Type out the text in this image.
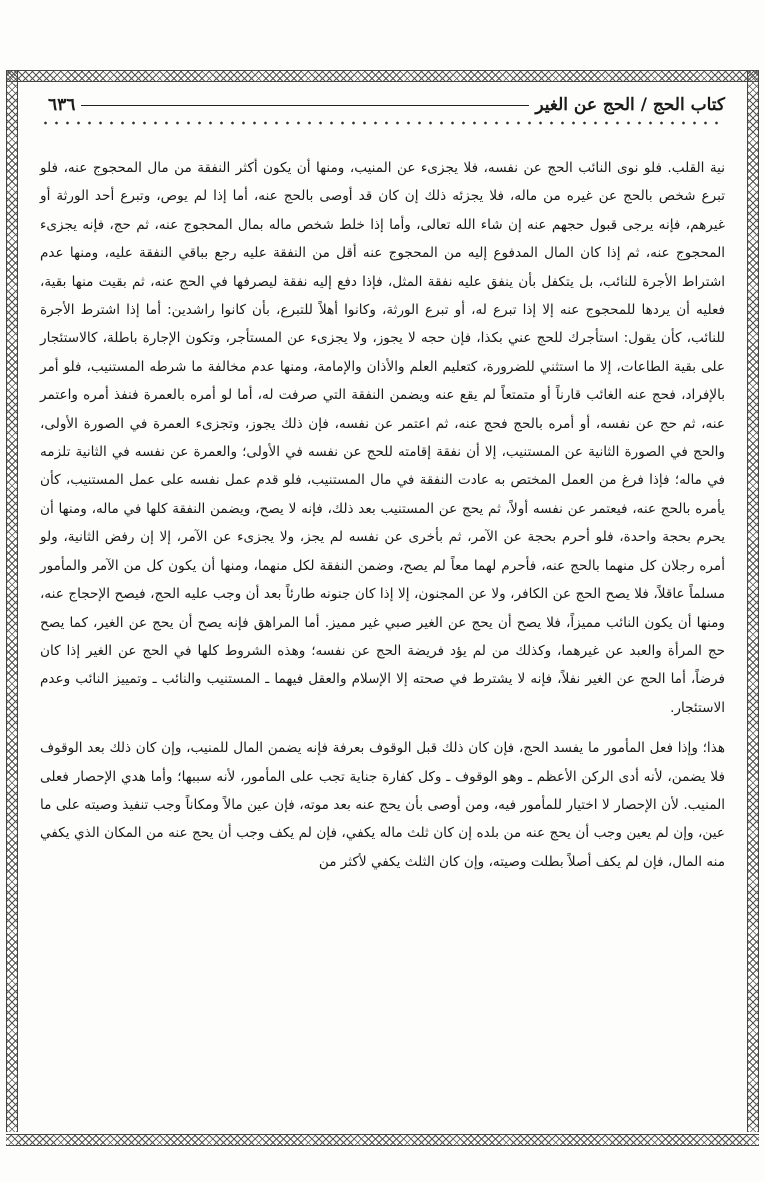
كتاب الحج / الحج عن الغير
٦٣٦

نية القلب. فلو نوى النائب الحج عن نفسه، فلا يجزىء عن المنيب، ومنها أن يكون أكثر النفقة من مال المحجوج عنه، فلو تبرع شخص بالحج عن غيره من ماله، فلا يجزئه ذلك إن كان قد أوصى بالحج عنه، أما إذا لم يوص، وتبرع أحد الورثة أو غيرهم، فإنه يرجى قبول حجهم عنه إن شاء الله تعالى، وأما إذا خلط شخص ماله بمال المحجوج عنه، ثم حج، فإنه يجزىء المحجوج عنه، ثم إذا كان المال المدفوع إليه من المحجوج عنه أقل من النفقة عليه رجع بباقي النفقة عليه، ومنها عدم اشتراط الأجرة للنائب، بل يتكفل بأن ينفق عليه نفقة المثل، فإذا دفع إليه نفقة ليصرفها في الحج عنه، ثم بقيت منها بقية، فعليه أن يردها للمحجوج عنه إلا إذا تبرع له، أو تبرع الورثة، وكانوا أهلاً للتبرع، بأن كانوا راشدين: أما إذا اشترط الأجرة للنائب، كأن يقول: استأجرك للحج عني بكذا، فإن حجه لا يجوز، ولا يجزىء عن المستأجر، وتكون الإجارة باطلة، كالاستئجار على بقية الطاعات، إلا ما استثني للضرورة، كتعليم العلم والأذان والإمامة، ومنها عدم مخالفة ما شرطه المستنيب، فلو أمر بالإفراد، فحج عنه الغائب قارناً أو متمتعاً لم يقع عنه ويضمن النفقة التي صرفت له، أما لو أمره بالعمرة فنفذ أمره واعتمر عنه، ثم حج عن نفسه، أو أمره بالحج فحج عنه، ثم اعتمر عن نفسه، فإن ذلك يجوز، وتجزىء العمرة في الصورة الأولى، والحج في الصورة الثانية عن المستنيب، إلا أن نفقة إقامته للحج عن نفسه في الأولى؛ والعمرة عن نفسه في الثانية تلزمه في ماله؛ فإذا فرغ من العمل المختص به عادت النفقة في مال المستنيب، فلو قدم عمل نفسه على عمل المستنيب، كأن يأمره بالحج عنه، فيعتمر عن نفسه أولاً، ثم يحج عن المستنيب بعد ذلك، فإنه لا يصح، ويضمن النفقة كلها في ماله، ومنها أن يحرم بحجة واحدة، فلو أحرم بحجة عن الآمر، ثم بأخرى عن نفسه لم يجز، ولا يجزىء عن الآمر، إلا إن رفض الثانية، ولو أمره رجلان كل منهما بالحج عنه، فأحرم لهما معاً لم يصح، وضمن النفقة لكل منهما، ومنها أن يكون كل من الآمر والمأمور مسلماً عاقلاً، فلا يصح الحج عن الكافر، ولا عن المجنون، إلا إذا كان جنونه طارئاً بعد أن وجب عليه الحج، فيصح الإحجاج عنه، ومنها أن يكون النائب مميزاً، فلا يصح أن يحج عن الغير صبي غير مميز. أما المراهق فإنه يصح أن يحج عن الغير، كما يصح حج المرأة والعبد عن غيرهما، وكذلك من لم يؤد فريضة الحج عن نفسه؛ وهذه الشروط كلها في الحج عن الغير إذا كان فرضاً، أما الحج عن الغير نفلاً، فإنه لا يشترط في صحته إلا الإسلام والعقل فيهما ـ المستنيب والنائب ـ وتمييز النائب وعدم الاستئجار.

هذا؛ وإذا فعل المأمور ما يفسد الحج، فإن كان ذلك قبل الوقوف بعرفة فإنه يضمن المال للمنيب، وإن كان ذلك بعد الوقوف فلا يضمن، لأنه أدى الركن الأعظم ـ وهو الوقوف ـ وكل كفارة جناية تجب على المأمور، لأنه سببها؛ وأما هدي الإحصار فعلى المنيب. لأن الإحصار لا اختيار للمأمور فيه، ومن أوصى بأن يحج عنه بعد موته، فإن عين مالاً ومكاناً وجب تنفيذ وصيته على ما عين، وإن لم يعين وجب أن يحج عنه من بلده إن كان ثلث ماله يكفي، فإن لم يكف وجب أن يحج عنه من المكان الذي يكفي منه المال، فإن لم يكف أصلاً بطلت وصيته، وإن كان الثلث يكفي لأكثر من
